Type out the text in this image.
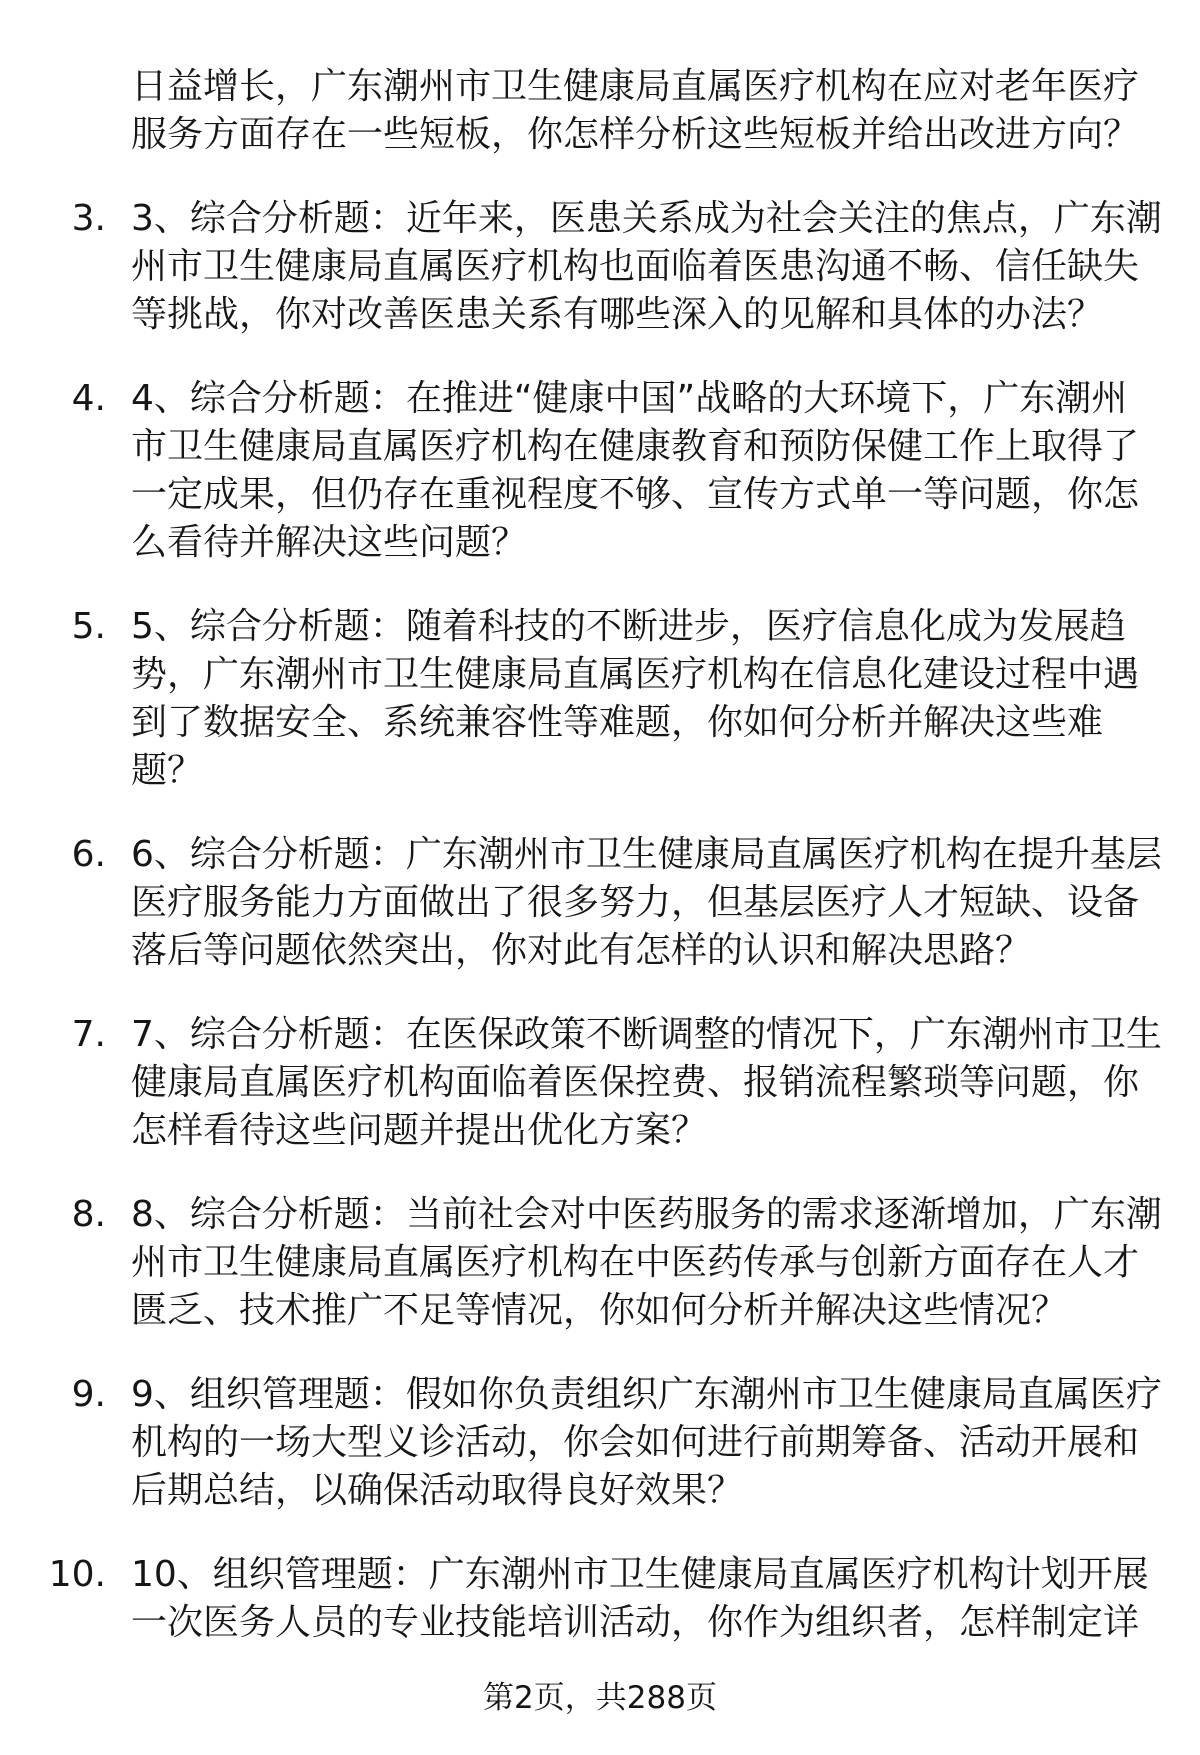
日益增长，广东潮州市卫生健康局直属医疗机构在应对老年医疗
服务方面存在一些短板，你怎样分析这些短板并给出改进方向？
3. 3、综合分析题：近年来，医患关系成为社会关注的焦点，广东潮
州市卫生健康局直属医疗机构也面临着医患沟通不畅、信任缺失
等挑战，你对改善医患关系有哪些深入的见解和具体的办法？
4. 4、综合分析题：在推进“健康中国”战略的大环境下，广东潮州
市卫生健康局直属医疗机构在健康教育和预防保健工作上取得了
一定成果，但仍存在重视程度不够、宣传方式单一等问题，你怎
么看待并解决这些问题？
5. 5、综合分析题：随着科技的不断进步，医疗信息化成为发展趋
势，广东潮州市卫生健康局直属医疗机构在信息化建设过程中遇
到了数据安全、系统兼容性等难题，你如何分析并解决这些难
题？
6. 6、综合分析题：广东潮州市卫生健康局直属医疗机构在提升基层
医疗服务能力方面做出了很多努力，但基层医疗人才短缺、设备
落后等问题依然突出，你对此有怎样的认识和解决思路？
7. 7、综合分析题：在医保政策不断调整的情况下，广东潮州市卫生
健康局直属医疗机构面临着医保控费、报销流程繁琐等问题，你
怎样看待这些问题并提出优化方案？
8. 8、综合分析题：当前社会对中医药服务的需求逐渐增加，广东潮
州市卫生健康局直属医疗机构在中医药传承与创新方面存在人才
匮乏、技术推广不足等情况，你如何分析并解决这些情况？
9. 9、组织管理题：假如你负责组织广东潮州市卫生健康局直属医疗
机构的一场大型义诊活动，你会如何进行前期筹备、活动开展和
后期总结，以确保活动取得良好效果？
10. 10、组织管理题：广东潮州市卫生健康局直属医疗机构计划开展
一次医务人员的专业技能培训活动，你作为组织者，怎样制定详
第2页，共288页
